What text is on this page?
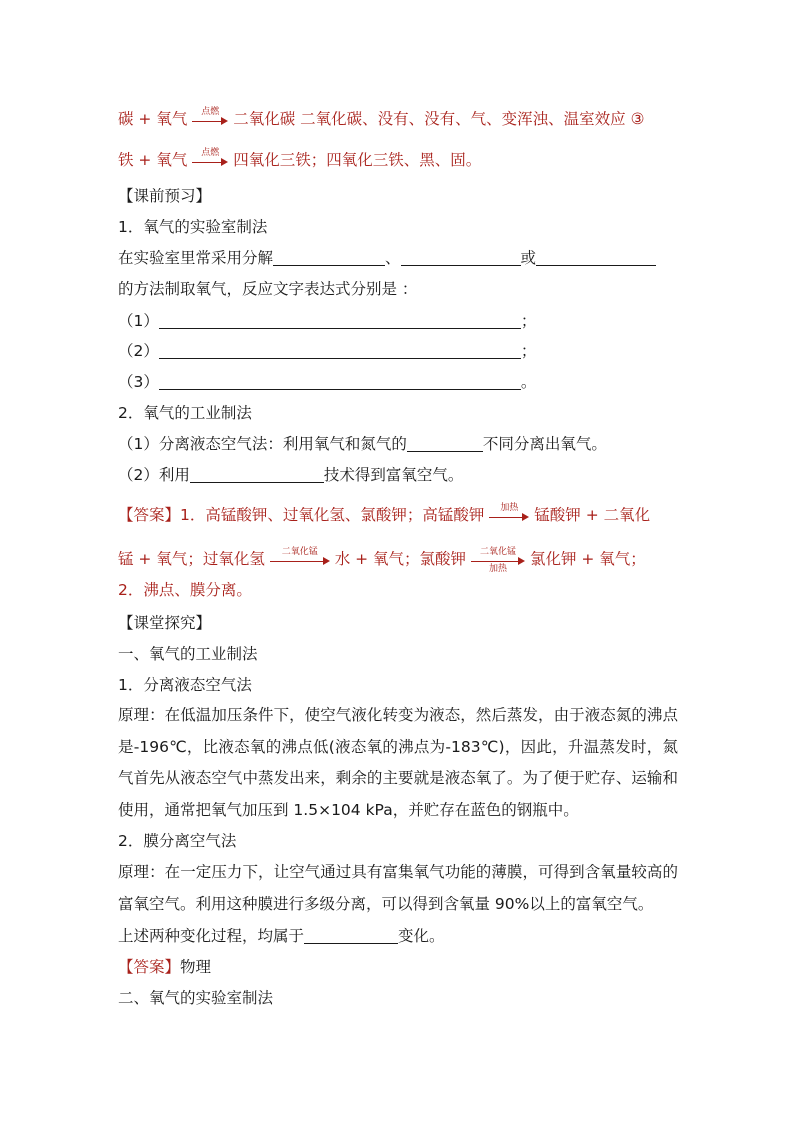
碳 + 氧气	点燃 二氧化碳 二氧化碳、没有、没有、气、变浑浊、温室效应 ③
铁 + 氧气	点燃 四氧化三铁；四氧化三铁、黑、固。
【课前预习】
1．氧气的实验室制法
在实验室里常采用分解	、	或
的方法制取氧气，反应文字表达式分别是 ：
（1）	；
（2）	；
（3）	。
2．氧气的工业制法
（1）分离液态空气法：利用氧气和氮气的	不同分离出氧气。
（2）利用	技术得到富氧空气。
【答案】1．高锰酸钾、过氧化氢、氯酸钾；高锰酸钾	加热	锰酸钾 + 二氧化
锰 + 氧气；过氧化氢	二氧化锰	水 + 氧气；氯酸钾	二氧化锰
加热
氯化钾 + 氧气；
2．沸点、膜分离。
【课堂探究】
一、氧气的工业制法
1．分离液态空气法
原理：在低温加压条件下，使空气液化转变为液态，然后蒸发，由于液态氮的沸点是-196℃，比液态氧的沸点低(液态氧的沸点为-183℃)，因此，升温蒸发时，氮气首先从液态空气中蒸发出来，剩余的主要就是液态氧了。为了便于贮存、运输和使用，通常把氧气加压到 1.5×104 kPa，并贮存在蓝色的钢瓶中。
2．膜分离空气法
原理：在一定压力下，让空气通过具有富集氧气功能的薄膜，可得到含氧量较高的富氧空气。利用这种膜进行多级分离，可以得到含氧量 90%以上的富氧空气。
上述两种变化过程，均属于	变化。
【答案】物理
二、氧气的实验室制法
